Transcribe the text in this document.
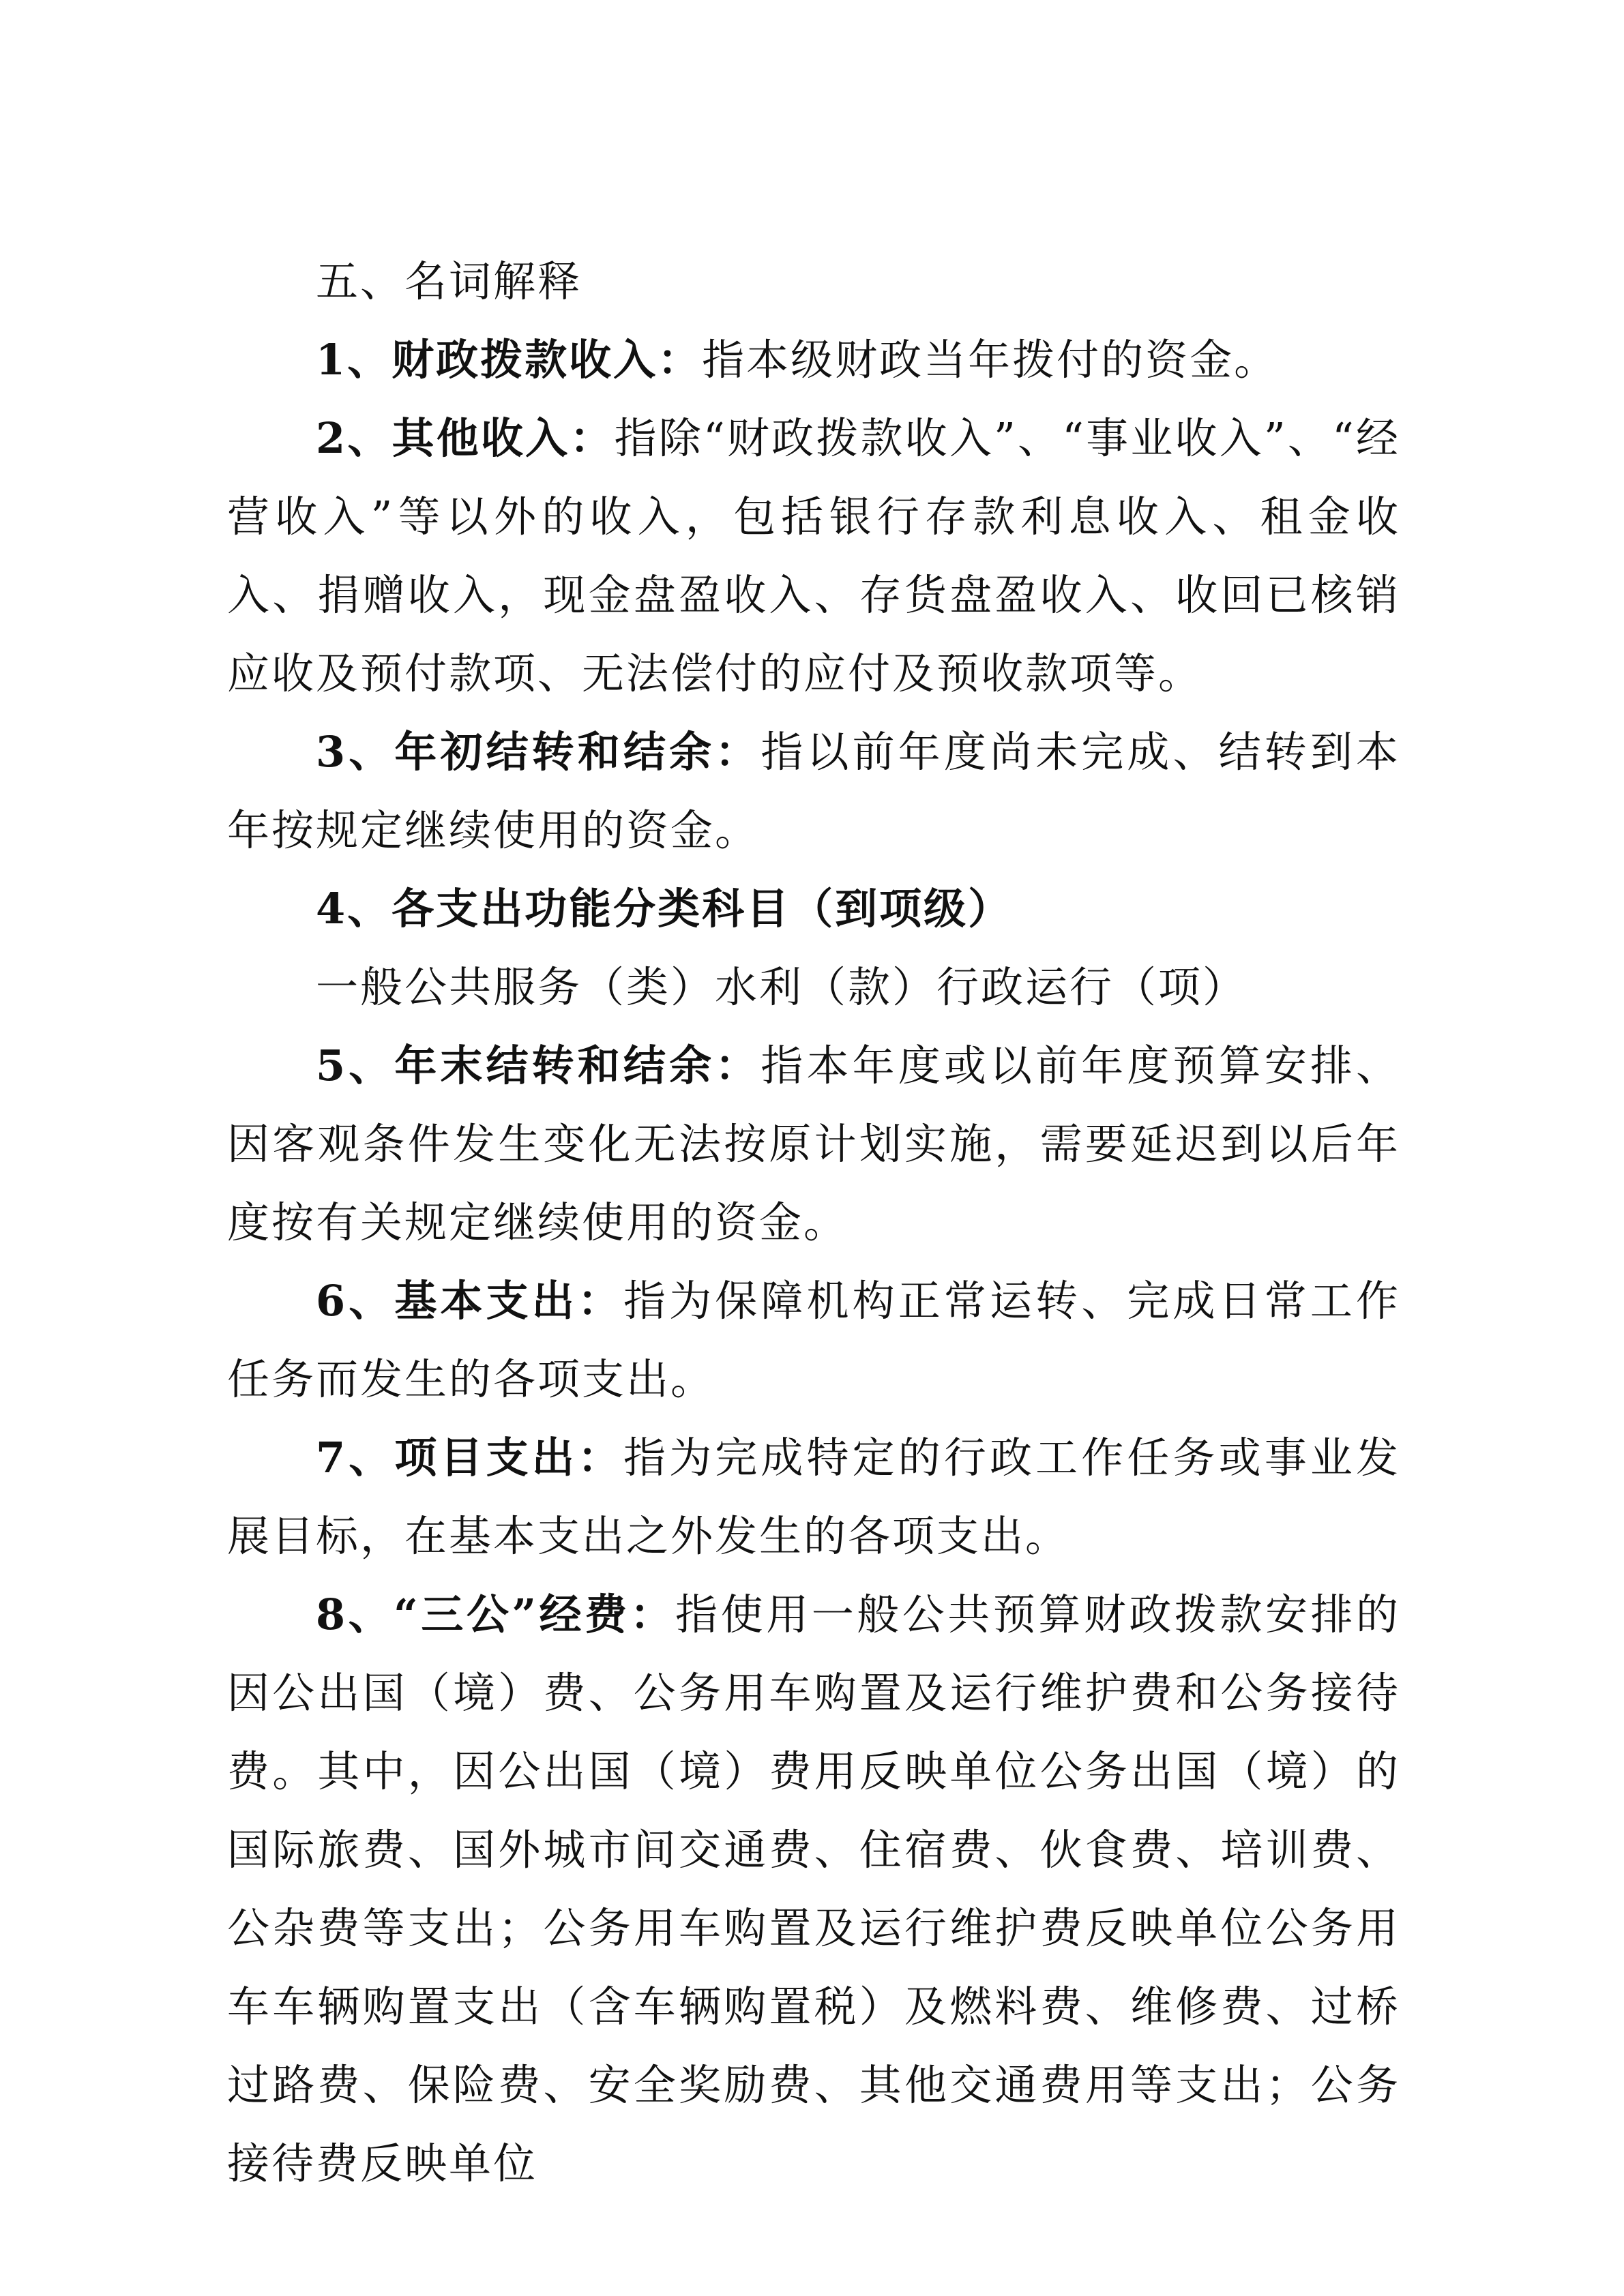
五、名词解释

1、财政拨款收入：指本级财政当年拨付的资金。

2、其他收入：指除“财政拨款收入”、“事业收入”、“经营收入”等以外的收入，包括银行存款利息收入、租金收入、捐赠收入，现金盘盈收入、存货盘盈收入、收回已核销应收及预付款项、无法偿付的应付及预收款项等。

3、年初结转和结余：指以前年度尚未完成、结转到本年按规定继续使用的资金。

4、各支出功能分类科目（到项级）

一般公共服务（类）水利（款）行政运行（项）

5、年末结转和结余：指本年度或以前年度预算安排、因客观条件发生变化无法按原计划实施，需要延迟到以后年度按有关规定继续使用的资金。

6、基本支出：指为保障机构正常运转、完成日常工作任务而发生的各项支出。

7、项目支出：指为完成特定的行政工作任务或事业发展目标，在基本支出之外发生的各项支出。

8、“三公”经费：指使用一般公共预算财政拨款安排的因公出国（境）费、公务用车购置及运行维护费和公务接待费。其中，因公出国（境）费用反映单位公务出国（境）的国际旅费、国外城市间交通费、住宿费、伙食费、培训费、公杂费等支出；公务用车购置及运行维护费反映单位公务用车车辆购置支出（含车辆购置税）及燃料费、维修费、过桥过路费、保险费、安全奖励费、其他交通费用等支出；公务接待费反映单位
